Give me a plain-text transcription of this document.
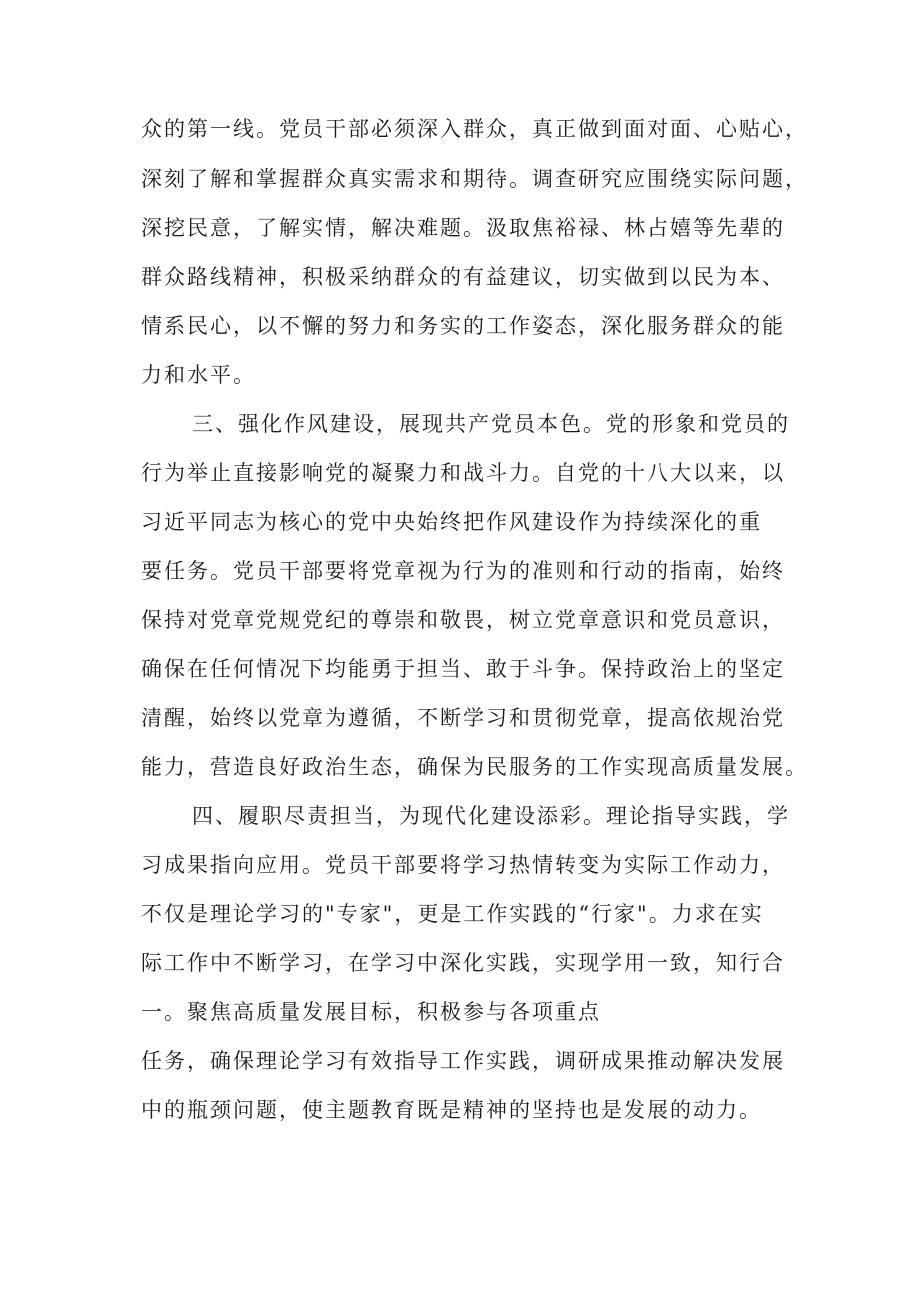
众的第一线。党员干部必须深入群众，真正做到面对面、心贴心，
深刻了解和掌握群众真实需求和期待。调查研究应围绕实际问题，
深挖民意，了解实情，解决难题。汲取焦裕禄、林占嬉等先辈的
群众路线精神，积极采纳群众的有益建议，切实做到以民为本、
情系民心，以不懈的努力和务实的工作姿态，深化服务群众的能
力和水平。
三、强化作风建设，展现共产党员本色。党的形象和党员的
行为举止直接影响党的凝聚力和战斗力。自党的十八大以来，以
习近平同志为核心的党中央始终把作风建设作为持续深化的重
要任务。党员干部要将党章视为行为的准则和行动的指南，始终
保持对党章党规党纪的尊崇和敬畏，树立党章意识和党员意识，
确保在任何情况下均能勇于担当、敢于斗争。保持政治上的坚定
清醒，始终以党章为遵循，不断学习和贯彻党章，提高依规治党
能力，营造良好政治生态，确保为民服务的工作实现高质量发展。
四、履职尽责担当，为现代化建设添彩。理论指导实践，学
习成果指向应用。党员干部要将学习热情转变为实际工作动力，
不仅是理论学习的"专家"，更是工作实践的“行家"。力求在实
际工作中不断学习，在学习中深化实践，实现学用一致，知行合
一。聚焦高质量发展目标，积极参与各项重点
任务，确保理论学习有效指导工作实践，调研成果推动解决发展
中的瓶颈问题，使主题教育既是精神的坚持也是发展的动力。
